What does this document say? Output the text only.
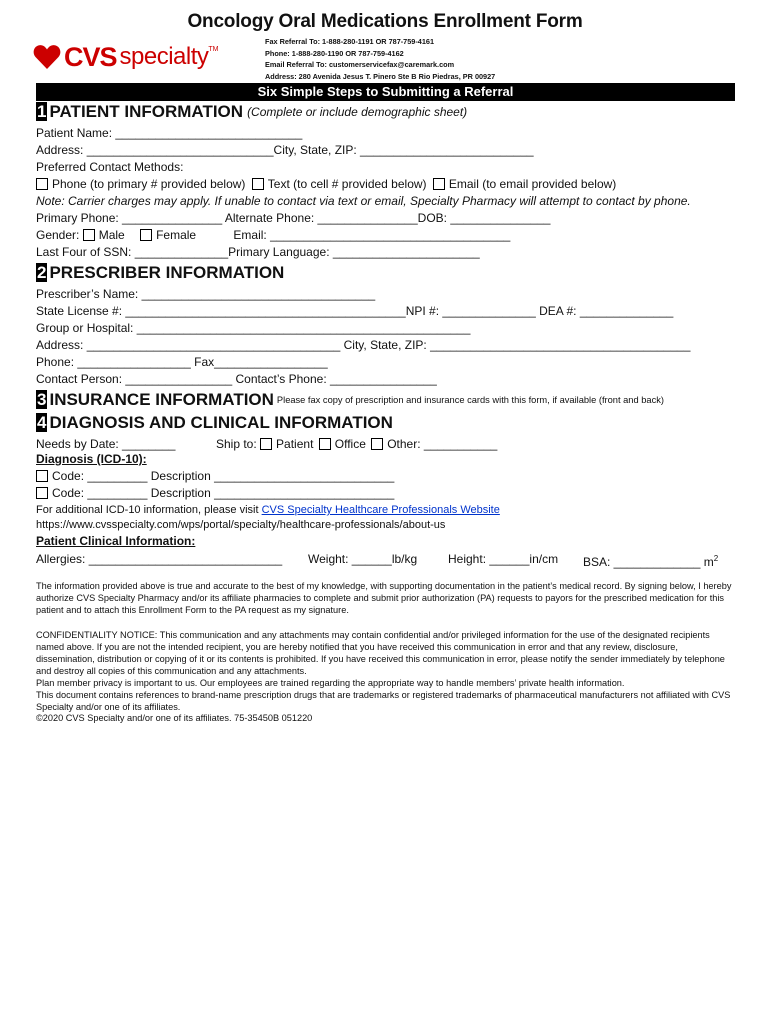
Oncology Oral Medications Enrollment Form
CVS specialty TM
Fax Referral To: 1-888-280-1191 OR 787-759-4161
Phone: 1-888-280-1190 OR 787-759-4162
Email Referral To: customerservicefax@caremark.com
Address: 280 Avenida Jesus T. Pinero Ste B Rio Piedras, PR 00927
Six Simple Steps to Submitting a Referral
1 PATIENT INFORMATION (Complete or include demographic sheet)
Patient Name: ____________________________
Address: ____________________________City, State, ZIP: __________________________
Preferred Contact Methods:
Phone (to primary # provided below) Text (to cell # provided below) Email (to email provided below)
Note: Carrier charges may apply. If unable to contact via text or email, Specialty Pharmacy will attempt to contact by phone.
Primary Phone: _______________ Alternate Phone: _______________DOB: _______________
Gender: Male	Female	Email: ____________________________________
Last Four of SSN: ______________Primary Language: ______________________
2 PRESCRIBER INFORMATION
Prescriber’s Name: ___________________________________
State License #: __________________________________________NPI #: ______________ DEA #: ______________
Group or Hospital: __________________________________________________
Address: ______________________________________ City, State, ZIP: _______________________________________
Phone: _________________ Fax_________________
Contact Person: ________________ Contact’s Phone: ________________
3 INSURANCE INFORMATION Please fax copy of prescription and insurance cards with this form, if available (front and back)
4 DIAGNOSIS AND CLINICAL INFORMATION
Needs by Date: ________	Ship to: Patient Office Other: ___________
Diagnosis (ICD-10):
Code: _________ Description ___________________________
Code: _________ Description ___________________________
For additional ICD-10 information, please visit CVS Specialty Healthcare Professionals Website
https://www.cvsspecialty.com/wps/portal/specialty/healthcare-professionals/about-us
Patient Clinical Information:
Allergies: _____________________________ Weight: ______lb/kg	Height: ______in/cm BSA: _____________ $m^2$
The information provided above is true and accurate to the best of my knowledge, with supporting documentation in the patient’s medical record. By signing below, I hereby authorize CVS Specialty Pharmacy and/or its affiliate pharmacies to complete and submit prior authorization (PA) requests to payors for the prescribed medication for this patient and to attach this Enrollment Form to the PA request as my signature.
CONFIDENTIALITY NOTICE: This communication and any attachments may contain confidential and/or privileged information for the use of the designated recipients named above. If you are not the intended recipient, you are hereby notified that you have received this communication in error and that any review, disclosure, dissemination, distribution or copying of it or its contents is prohibited. If you have received this communication in error, please notify the sender immediately by telephone and destroy all copies of this communication and any attachments.
Plan member privacy is important to us. Our employees are trained regarding the appropriate way to handle members’ private health information.
This document contains references to brand-name prescription drugs that are trademarks or registered trademarks of pharmaceutical manufacturers not affiliated with CVS Specialty and/or one of its affiliates.
©2020 CVS Specialty and/or one of its affiliates. 75-35450B 051220
